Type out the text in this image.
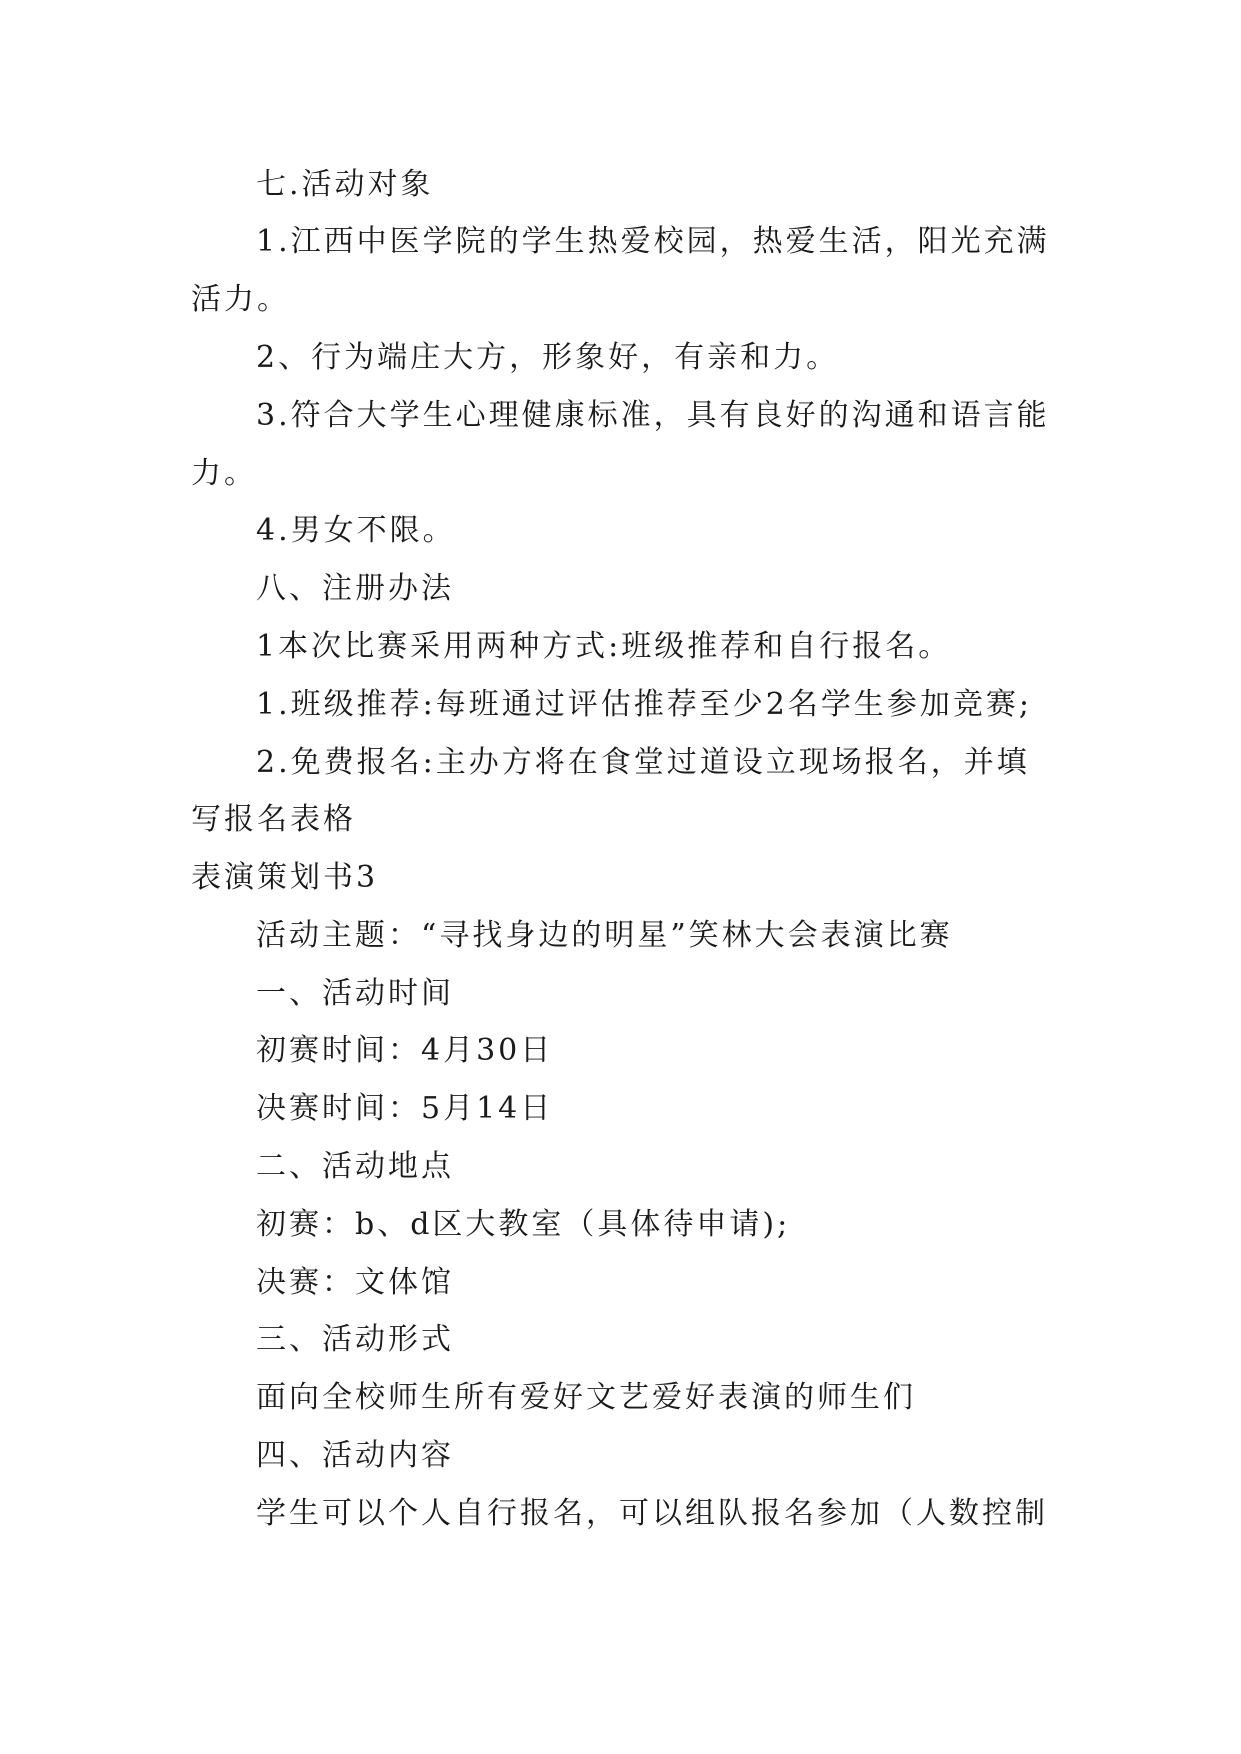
七.活动对象
1.江西中医学院的学生热爱校园，热爱生活，阳光充满
活力。
2、行为端庄大方，形象好，有亲和力。
3.符合大学生心理健康标准，具有良好的沟通和语言能
力。
4.男女不限。
八、注册办法
1本次比赛采用两种方式:班级推荐和自行报名。
1.班级推荐:每班通过评估推荐至少2名学生参加竞赛;
2.免费报名:主办方将在食堂过道设立现场报名，并填
写报名表格
表演策划书3
活动主题：“寻找身边的明星”笑林大会表演比赛
一、活动时间
初赛时间：4月30日
决赛时间：5月14日
二、活动地点
初赛：b、d区大教室（具体待申请);
决赛：文体馆
三、活动形式
面向全校师生所有爱好文艺爱好表演的师生们
四、活动内容
学生可以个人自行报名，可以组队报名参加（人数控制
